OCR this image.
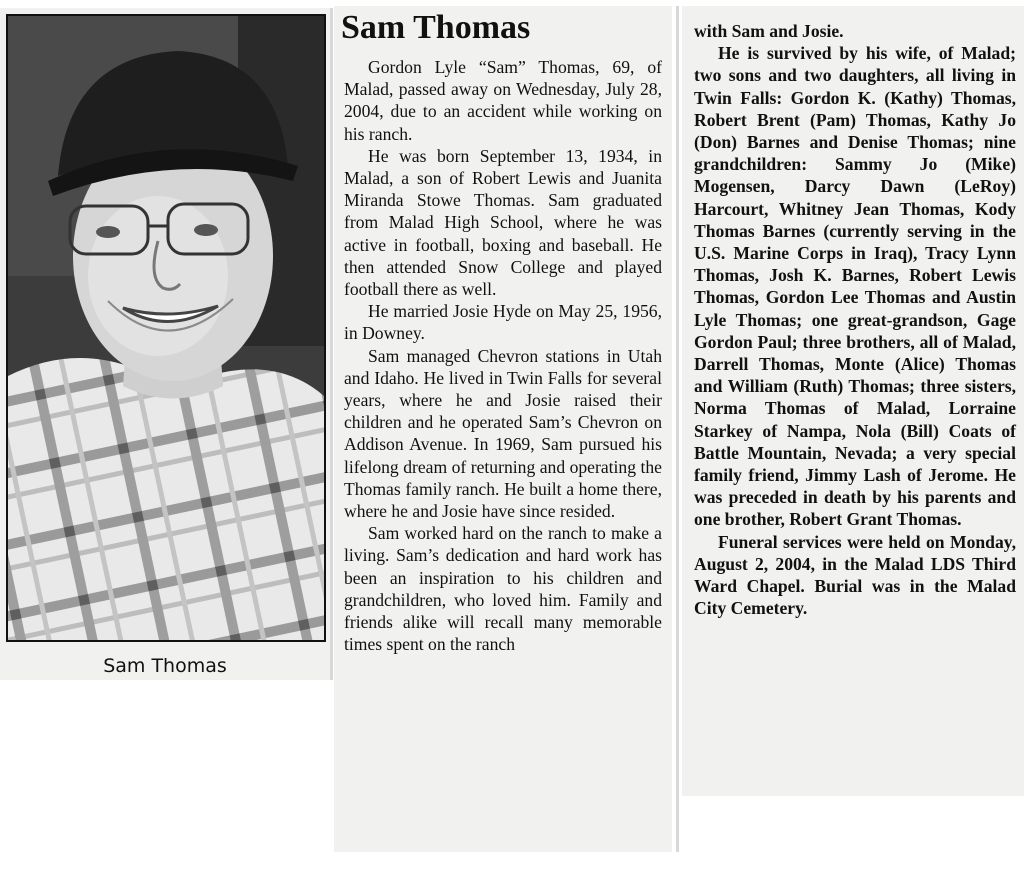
Sam Thomas
Sam Thomas

Gordon Lyle “Sam” Thomas, 69, of Malad, passed away on Wednesday, July 28, 2004, due to an accident while working on his ranch.

He was born September 13, 1934, in Malad, a son of Robert Lewis and Juanita Miranda Stowe Thomas. Sam graduated from Malad High School, where he was active in football, boxing and baseball. He then attended Snow College and played football there as well.

He married Josie Hyde on May 25, 1956, in Downey.

Sam managed Chevron stations in Utah and Idaho. He lived in Twin Falls for several years, where he and Josie raised their children and he operated Sam’s Chevron on Addison Avenue. In 1969, Sam pursued his lifelong dream of returning and operating the Thomas family ranch. He built a home there, where he and Josie have since resided.

Sam worked hard on the ranch to make a living. Sam’s dedication and hard work has been an inspiration to his children and grandchildren, who loved him. Family and friends alike will recall many memorable times spent on the ranch

with Sam and Josie.

He is survived by his wife, of Malad; two sons and two daughters, all living in Twin Falls: Gordon K. (Kathy) Thomas, Robert Brent (Pam) Thomas, Kathy Jo (Don) Barnes and Denise Thomas; nine grandchildren: Sammy Jo (Mike) Mogensen, Darcy Dawn (LeRoy) Harcourt, Whitney Jean Thomas, Kody Thomas Barnes (currently serving in the U.S. Marine Corps in Iraq), Tracy Lynn Thomas, Josh K. Barnes, Robert Lewis Thomas, Gordon Lee Thomas and Austin Lyle Thomas; one great-grandson, Gage Gordon Paul; three brothers, all of Malad, Darrell Thomas, Monte (Alice) Thomas and William (Ruth) Thomas; three sisters, Norma Thomas of Malad, Lorraine Starkey of Nampa, Nola (Bill) Coats of Battle Mountain, Nevada; a very special family friend, Jimmy Lash of Jerome. He was preceded in death by his parents and one brother, Robert Grant Thomas.

Funeral services were held on Monday, August 2, 2004, in the Malad LDS Third Ward Chapel. Burial was in the Malad City Cemetery.
